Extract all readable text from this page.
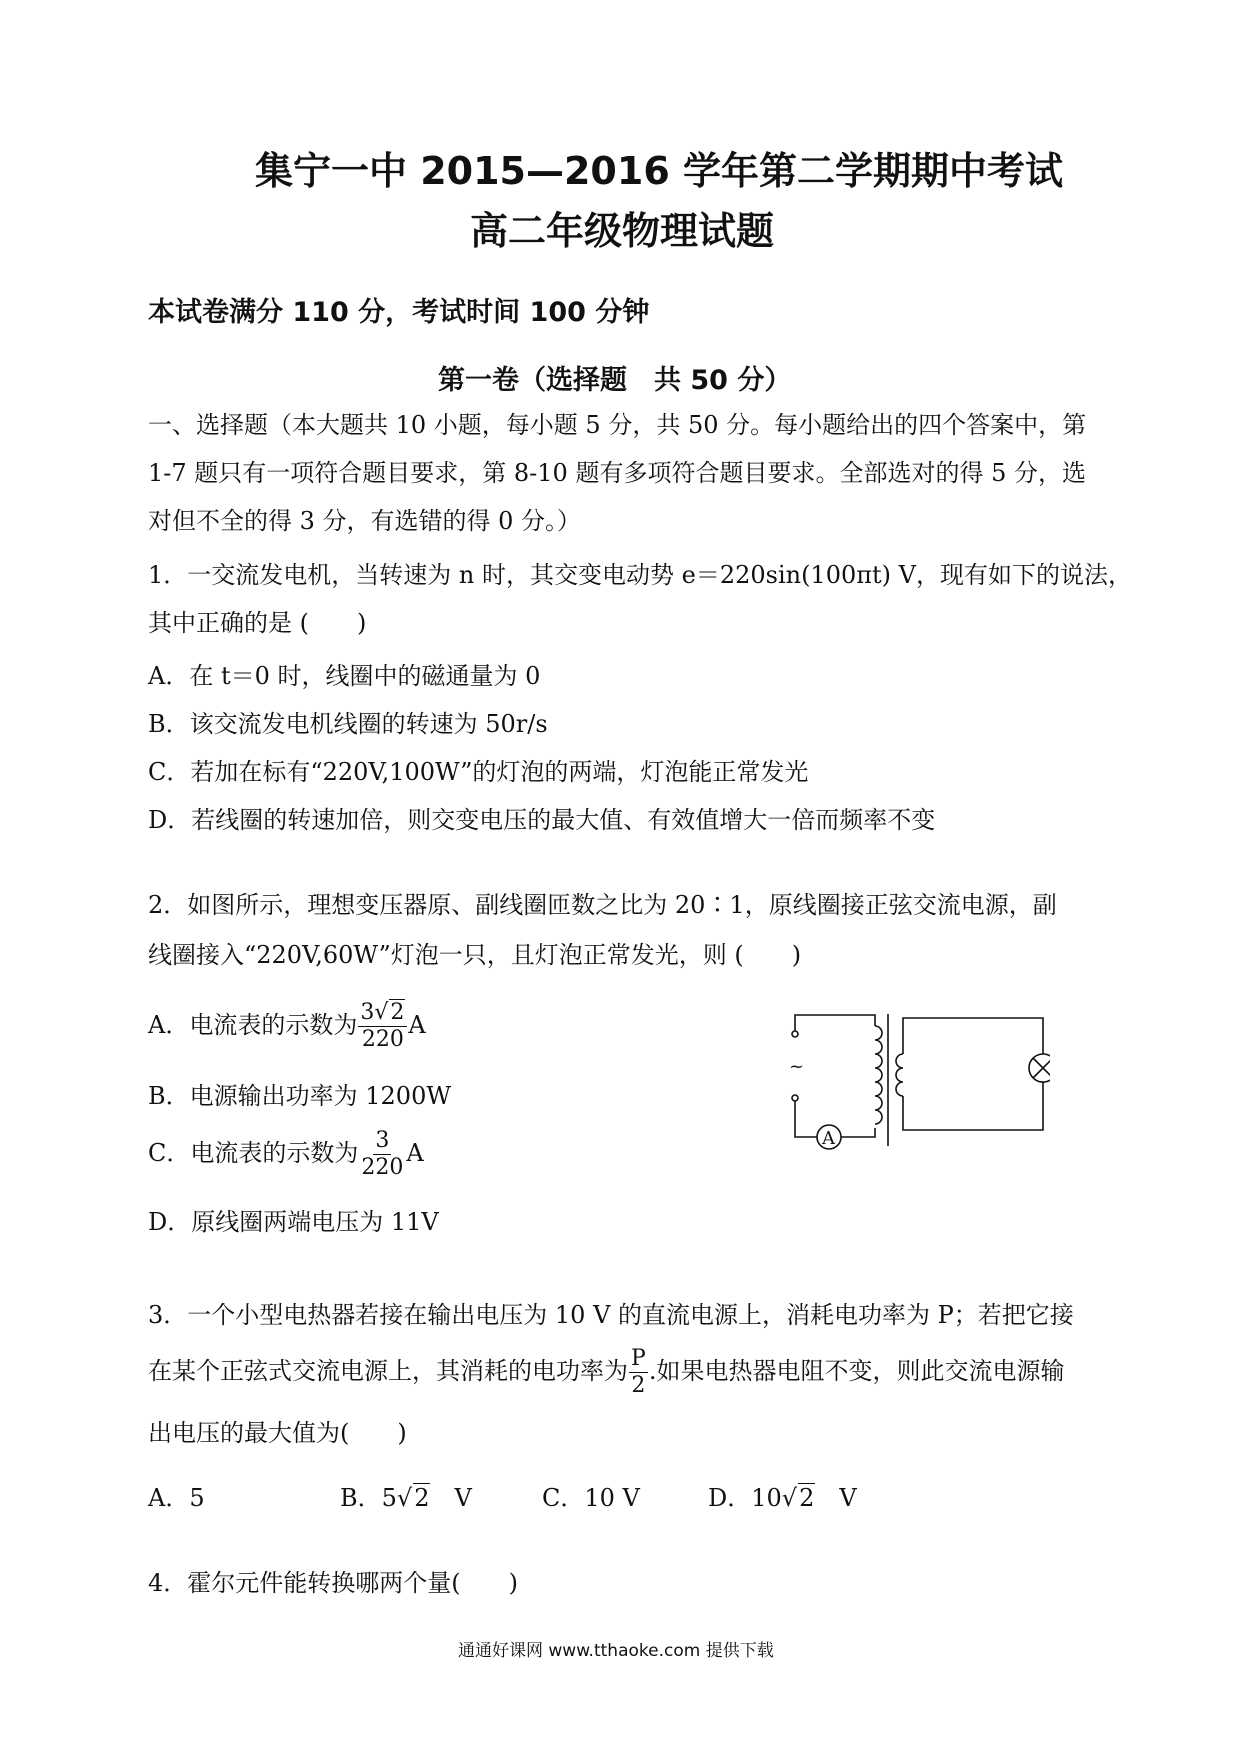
集宁一中 2015—2016 学年第二学期期中考试
高二年级物理试题
本试卷满分 110 分，考试时间 100 分钟
第一卷（选择题　共 50 分）
一、选择题（本大题共 10 小题，每小题 5 分，共 50 分。每小题给出的四个答案中，第
1-7 题只有一项符合题目要求，第 8-10 题有多项符合题目要求。全部选对的得 5 分，选
对但不全的得 3 分，有选错的得 0 分。）
1．一交流发电机，当转速为 n 时，其交变电动势 e＝220sin(100πt) V，现有如下的说法，
其中正确的是 (　　)
A．在 t＝0 时，线圈中的磁通量为 0
B．该交流发电机线圈的转速为 50r/s
C．若加在标有“220V,100W”的灯泡的两端，灯泡能正常发光
D．若线圈的转速加倍，则交变电压的最大值、有效值增大一倍而频率不变
2．如图所示，理想变压器原、副线圈匝数之比为 20∶1，原线圈接正弦交流电源，副
线圈接入“220V,60W”灯泡一只，且灯泡正常发光，则 (　　)
A．电流表的示数为 $\frac{3√2}{220}$ A
B．电源输出功率为 1200W
C．电流表的示数为 $\frac{3}{220}$ A
D．原线圈两端电压为 11V
~
A
3．一个小型电热器若接在输出电压为 10 V 的直流电源上，消耗电功率为 P；若把它接
在某个正弦式交流电源上，其消耗的电功率为 $\frac{P}{2}$ .如果电热器电阻不变，则此交流电源输
出电压的最大值为(　　)
A．5	B．5√2　V	C．10 V	D．10√2　V
4．霍尔元件能转换哪两个量(　　)
通通好课网 www.tthaoke.com 提供下载
